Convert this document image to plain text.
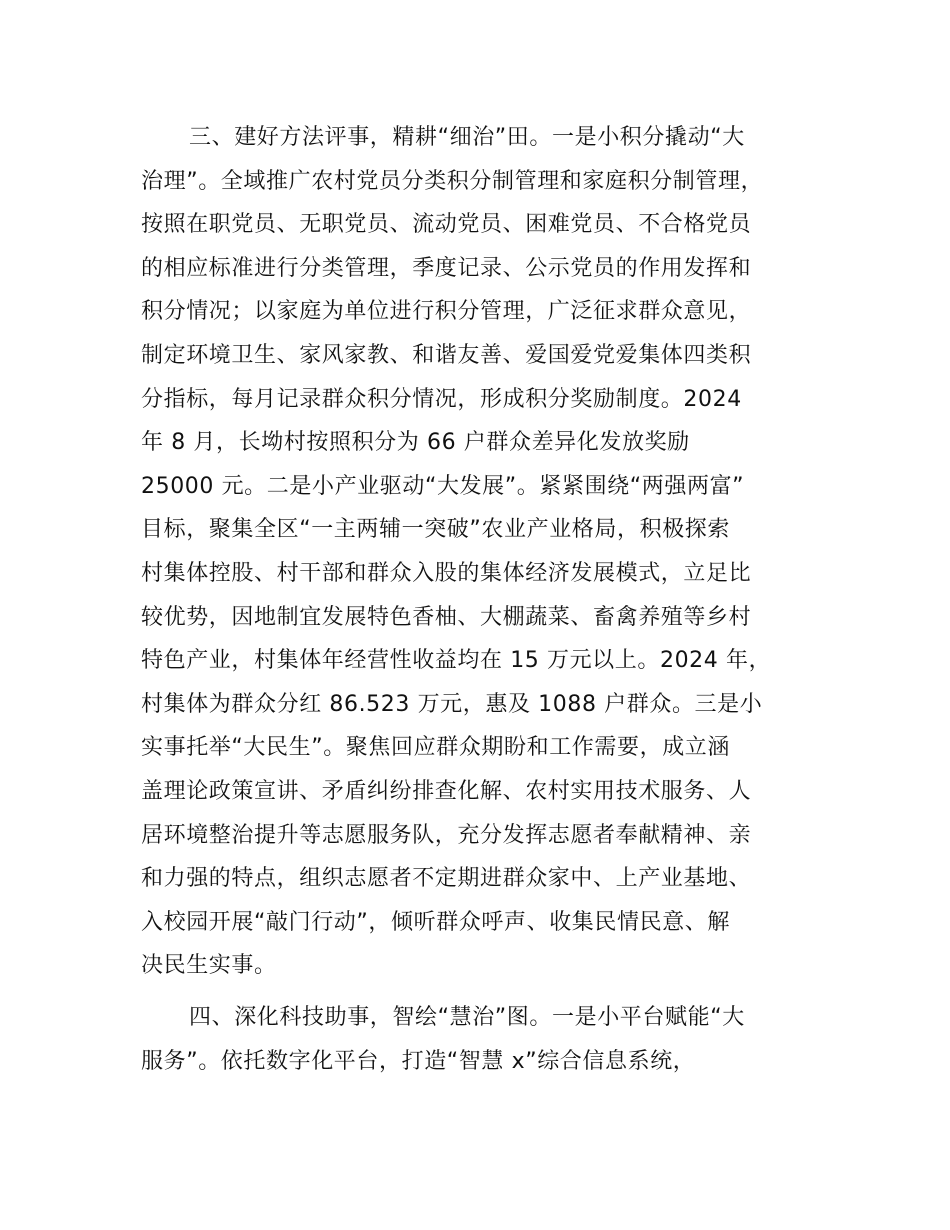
三、建好方法评事，精耕“细治”田。一是小积分撬动“大
治理”。全域推广农村党员分类积分制管理和家庭积分制管理，
按照在职党员、无职党员、流动党员、困难党员、不合格党员
的相应标准进行分类管理，季度记录、公示党员的作用发挥和
积分情况；以家庭为单位进行积分管理，广泛征求群众意见，
制定环境卫生、家风家教、和谐友善、爱国爱党爱集体四类积
分指标，每月记录群众积分情况，形成积分奖励制度。2024
年 8 月，长坳村按照积分为 66 户群众差异化发放奖励
25000 元。二是小产业驱动“大发展”。紧紧围绕“两强两富”
目标，聚集全区“一主两辅一突破”农业产业格局，积极探索
村集体控股、村干部和群众入股的集体经济发展模式，立足比
较优势，因地制宜发展特色香柚、大棚蔬菜、畜禽养殖等乡村
特色产业，村集体年经营性收益均在 15 万元以上。2024 年，
村集体为群众分红 86.523 万元，惠及 1088 户群众。三是小
实事托举“大民生”。聚焦回应群众期盼和工作需要，成立涵
盖理论政策宣讲、矛盾纠纷排查化解、农村实用技术服务、人
居环境整治提升等志愿服务队，充分发挥志愿者奉献精神、亲
和力强的特点，组织志愿者不定期进群众家中、上产业基地、
入校园开展“敲门行动”，倾听群众呼声、收集民情民意、解
决民生实事。
四、深化科技助事，智绘“慧治”图。一是小平台赋能“大
服务”。依托数字化平台，打造“智慧 x”综合信息系统，
